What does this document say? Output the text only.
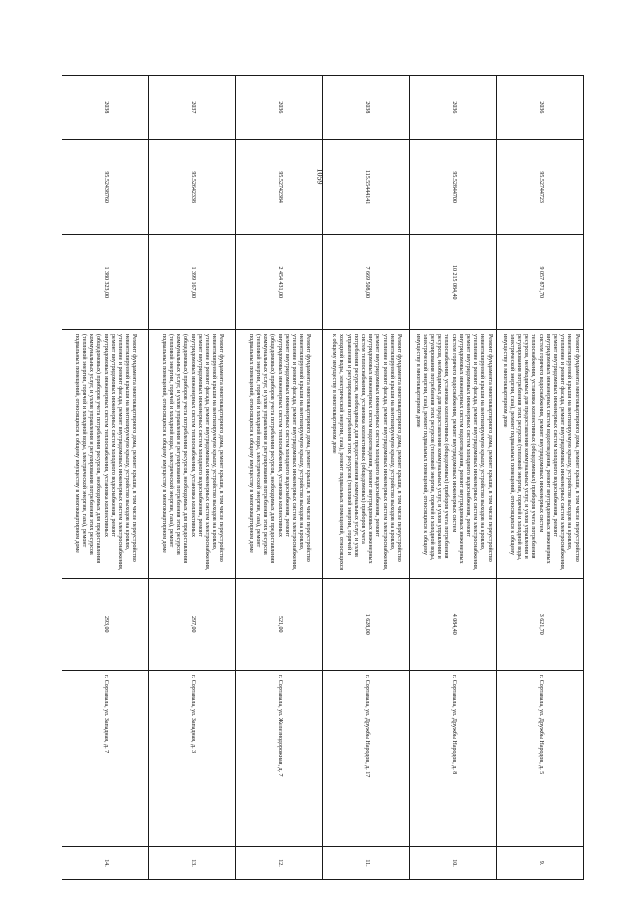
1059
2036	95.52744723	9 057 871,70	Ремонт фундамента многоквартирного дома, ремонт крыши, в том числе переустройство невентилируемой крыши на вентилируемую крышу, устройство выходов на кровлю, утепление и ремонт фасада, ремонт внутридомовых инженерных систем электроснабжения, ремонт внутридомовых инженерных систем холодного водоснабжения, ремонт внутридомовых инженерных систем водоотведения, ремонт внутридомовых инженерных систем горячего водоснабжения, ремонт внутридомовых инженерных систем теплоснабжения, установка коллективных (общедомовых) приборов учета потребления ресурсов, необходимых для предоставления коммунальных услуг, и узлов управления и регулирования потребления этих ресурсов (тепловой энергии, горячей и холодной воды, электрической энергии, газа), ремонт подвальных помещений, относящихся к общему имуществу в многоквартирном доме	3 621,70	г. Сортавала, ул. Дружбы Народов, д. 5	9.
2036	95.52844700	10 215 084,40	Ремонт фундамента многоквартирного дома, ремонт крыши, в том числе переустройство невентилируемой крыши на вентилируемую крышу, устройство выходов на кровлю, утепление и ремонт фасада, ремонт внутридомовых инженерных систем электроснабжения, ремонт внутридомовых инженерных систем холодного водоснабжения, ремонт внутридомовых инженерных систем водоотведения, ремонт внутридомовых инженерных систем горячего водоснабжения, ремонт внутридомовых инженерных систем теплоснабжения, установка коллективных (общедомовых) приборов учета потребления ресурсов, необходимых для предоставления коммунальных услуг, и узлов управления и регулирования потребления этих ресурсов (тепловой энергии, горячей и холодной воды, электрической энергии, газа), ремонт подвальных помещений, относящихся к общему имуществу в многоквартирном доме	4 084,40	г. Сортавала, ул. Дружбы Народов, д. 8	10.
2038	115.55444141	7 669 508,00	Ремонт фундамента многоквартирного дома, ремонт крыши, в том числе переустройство невентилируемой крыши на вентилируемую крышу, устройство выходов на кровлю, утепление и ремонт фасада, ремонт внутридомовых инженерных систем электроснабжения, ремонт внутридомовых инженерных систем холодного водоснабжения, ремонт внутридомовых инженерных систем водоотведения, ремонт внутридомовых инженерных систем теплоснабжения, установка коллективных (общедомовых) приборов учета потребления ресурсов, необходимых для предоставления коммунальных услуг, и узлов управления и регулирования потребления этих ресурсов (тепловой энергии, горячей и холодной воды, электрической энергии, газа), ремонт подвальных помещений, относящихся к общему имуществу в многоквартирном доме	1 628,00	г. Сортавала, ул. Дружбы Народов, д. 17	11.
2036	95.52742384	2 454 431,00	Ремонт фундамента многоквартирного дома, ремонт крыши, в том числе переустройство невентилируемой крыши на вентилируемую крышу, устройство выходов на кровлю, утепление и ремонт фасада, ремонт внутридомовых инженерных систем электроснабжения, ремонт внутридомовых инженерных систем холодного водоснабжения, ремонт внутридомовых инженерных систем теплоснабжения, установка коллективных (общедомовых) приборов учета потребления ресурсов, необходимых для предоставления коммунальных услуг, и узлов управления и регулирования потребления этих ресурсов (тепловой энергии, горячей и холодной воды, электрической энергии, газа), ремонт подвальных помещений, относящихся к общему имуществу в многоквартирном доме	521,00	г. Сортавала, ул. Железнодорожная, д. 7	12.
2037	95.52642338	1 399 167,00	Ремонт фундамента многоквартирного дома, ремонт крыши, в том числе переустройство невентилируемой крыши на вентилируемую крышу, устройство выходов на кровлю, утепление и ремонт фасада, ремонт внутридомовых инженерных систем электроснабжения, ремонт внутридомовых инженерных систем холодного водоснабжения, ремонт внутридомовых инженерных систем теплоснабжения, установка коллективных (общедомовых) приборов учета потребления ресурсов, необходимых для предоставления коммунальных услуг, и узлов управления и регулирования потребления этих ресурсов (тепловой энергии, горячей и холодной воды, электрической энергии, газа), ремонт подвальных помещений, относящихся к общему имуществу в многоквартирном доме	297,00	г. Сортавала, ул. Западная, д. 3	13.
2038	95.52438760	1 380 323,00	Ремонт фундамента многоквартирного дома, ремонт крыши, в том числе переустройство невентилируемой крыши на вентилируемую крышу, устройство выходов на кровлю, утепление и ремонт фасада, ремонт внутридомовых инженерных систем электроснабжения, ремонт внутридомовых инженерных систем холодного водоснабжения, ремонт внутридомовых инженерных систем теплоснабжения, установка коллективных (общедомовых) приборов учета потребления ресурсов, необходимых для предоставления коммунальных услуг, и узлов управления и регулирования потребления этих ресурсов (тепловой энергии, горячей и холодной воды, электрической энергии, газа), ремонт подвальных помещений, относящихся к общему имуществу в многоквартирном доме	293,00	г. Сортавала, ул. Западная, д. 7	14.
